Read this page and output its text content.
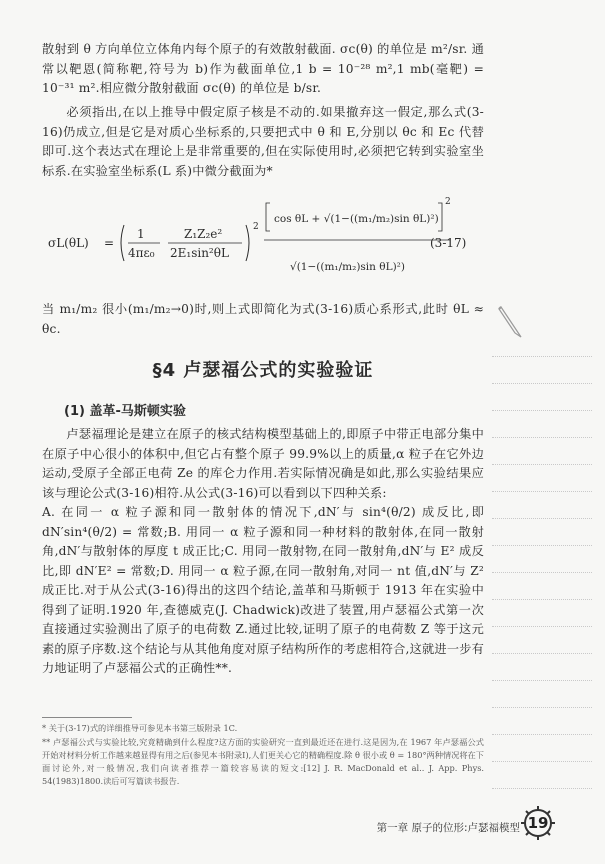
散射到 θ 方向单位立体角内每个原子的有效散射截面. σc(θ) 的单位是 m²/sr. 通常以靶恩(简称靶,符号为 b)作为截面单位,1 b = 10⁻²⁸ m²,1 mb(毫靶) = 10⁻³¹ m².相应微分散射截面 σc(θ) 的单位是 b/sr.

必须指出,在以上推导中假定原子核是不动的.如果撤弃这一假定,那么式(3-16)仍成立,但是它是对质心坐标系的,只要把式中 θ 和 E,分别以 θc 和 Ec 代替即可.这个表达式在理论上是非常重要的,但在实际使用时,必须把它转到实验室坐标系.在实验室坐标系(L 系)中微分截面为*

σL(θL) =
1
4πε₀
Z₁Z₂e²
2E₁sin²θL
2
cos θL + √(1−((m₁/m₂)sin θL)²)
2
√(1−((m₁/m₂)sin θL)²)
(3-17)

当 m₁/m₂ 很小(m₁/m₂→0)时,则上式即简化为式(3-16)质心系形式,此时 θL ≈ θc.

§4 卢瑟福公式的实验验证
(1) 盖革-马斯顿实验

卢瑟福理论是建立在原子的核式结构模型基础上的,即原子中带正电部分集中在原子中心很小的体积中,但它占有整个原子 99.9%以上的质量,α 粒子在它外边运动,受原子全部正电荷 Ze 的库仑力作用.若实际情况确是如此,那么实验结果应该与理论公式(3-16)相符.从公式(3-16)可以看到以下四种关系:

A. 在同一 α 粒子源和同一散射体的情况下,dN′与 sin⁴(θ/2) 成反比,即 dN′sin⁴(θ/2) = 常数;B. 用同一 α 粒子源和同一种材料的散射体,在同一散射角,dN′与散射体的厚度 t 成正比;C. 用同一散射物,在同一散射角,dN′与 E² 成反比,即 dN′E² = 常数;D. 用同一 α 粒子源,在同一散射角,对同一 nt 值,dN′与 Z² 成正比.对于从公式(3-16)得出的这四个结论,盖革和马斯顿于 1913 年在实验中得到了证明.1920 年,查德威克(J. Chadwick)改进了装置,用卢瑟福公式第一次直接通过实验测出了原子的电荷数 Z.通过比较,证明了原子的电荷数 Z 等于这元素的原子序数.这个结论与从其他角度对原子结构所作的考虑相符合,这就进一步有力地证明了卢瑟福公式的正确性**.

* 关于(3-17)式的详细推导可参见本书第三版附录 1C.

** 卢瑟福公式与实验比较,究竟精确到什么程度?这方面的实验研究一直到最近还在进行.这是因为,在 1967 年卢瑟福公式开始对材料分析工作越来越显得有用之后(参见本书附录Ⅰ),人们更关心它的精确程度.除 θ 很小或 θ = 180°两种情况将在下面讨论外,对一般情况,我们向读者推荐一篇较容易读的短文:[12] J. R. MacDonald et al.. J. App. Phys. 54(1983)1800.读后可写篇读书报告.

第一章 原子的位形:卢瑟福模型 19
